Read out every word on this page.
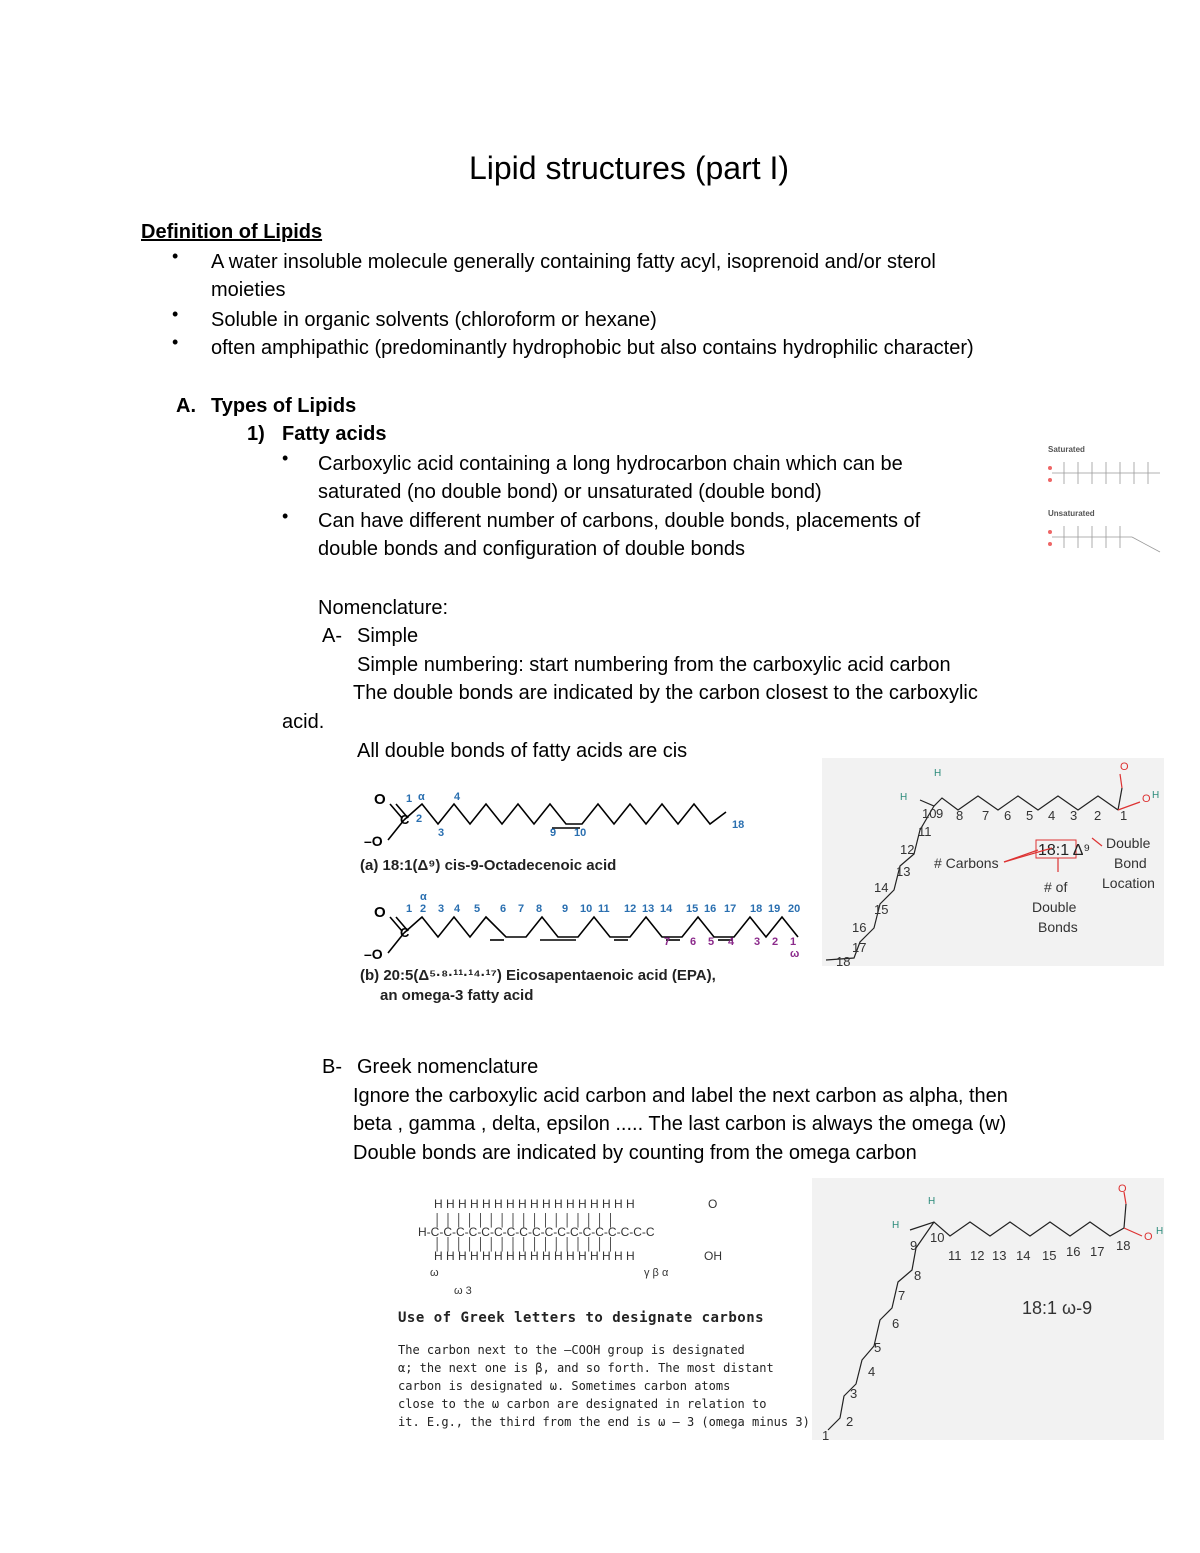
Lipid structures (part I)
Definition of Lipids
• A water insoluble molecule generally containing fatty acyl, isoprenoid and/or sterol
moieties
• Soluble in organic solvents (chloroform or hexane)
• often amphipathic (predominantly hydrophobic but also contains hydrophilic character)
A. Types of Lipids
1) Fatty acids
• Carboxylic acid containing a long hydrocarbon chain which can be
saturated (no double bond) or unsaturated (double bond)
• Can have different number of carbons, double bonds, placements of
double bonds and configuration of double bonds
Saturated
Unsaturated
Nomenclature:
A- Simple
Simple numbering: start numbering from the carboxylic acid carbon
The double bonds are indicated by the carbon closest to the carboxylic
acid.
All double bonds of fatty acids are cis
O
C
–O
O
C
–O
1 α
2
4
3	9 10
18
α
1 2 3 4 5 6 7 8 9 10 11 12 13 14 15 16 17 18 19 20
7 6 5 4 3 2 1
ω
(a) 18:1(Δ⁹) cis-9-Octadecenoic acid
(b) 20:5(Δ⁵·⁸·¹¹·¹⁴·¹⁷) Eicosapentaenoic acid (EPA),
an omega-3 fatty acid
H
H
O
O H
10 9 8 7 6 5 4 3 2 1
11
12
13
14
15
16
17
18
18:1 Δ⁹
# Carbons
# of
Double
Bonds
Double
Bond
Location
B- Greek nomenclature
Ignore the carboxylic acid carbon and label the next carbon as alpha, then
beta , gamma , delta, epsilon ..... The last carbon is always the omega (w)
Double bonds are indicated by counting from the omega carbon
H H H H H H H H H H H H H H H H H
│ │ │ │ │ │ │ │ │ │ │ │ │ │ │ │ │
H-C-C-C-C-C-C-C-C-C-C-C-C-C-C-C-C-C-C
│ │ │ │ │ │ │ │ │ │ │ │ │ │ │ │ │
H H H H H H H H H H H H H H H H H
O
OH
ω
ω 3
γ β α
Use of Greek letters to designate carbons
The carbon next to the –COOH group is designated
α; the next one is β, and so forth. The most distant
carbon is designated ω. Sometimes carbon atoms
close to the ω carbon are designated in relation to
it. E.g., the third from the end is ω – 3 (omega minus 3)
H
H
O
O H
9
10
11 12 13 14 15 16 17 18
8
7
6
5
4
3
2
1
18:1 ω-9
